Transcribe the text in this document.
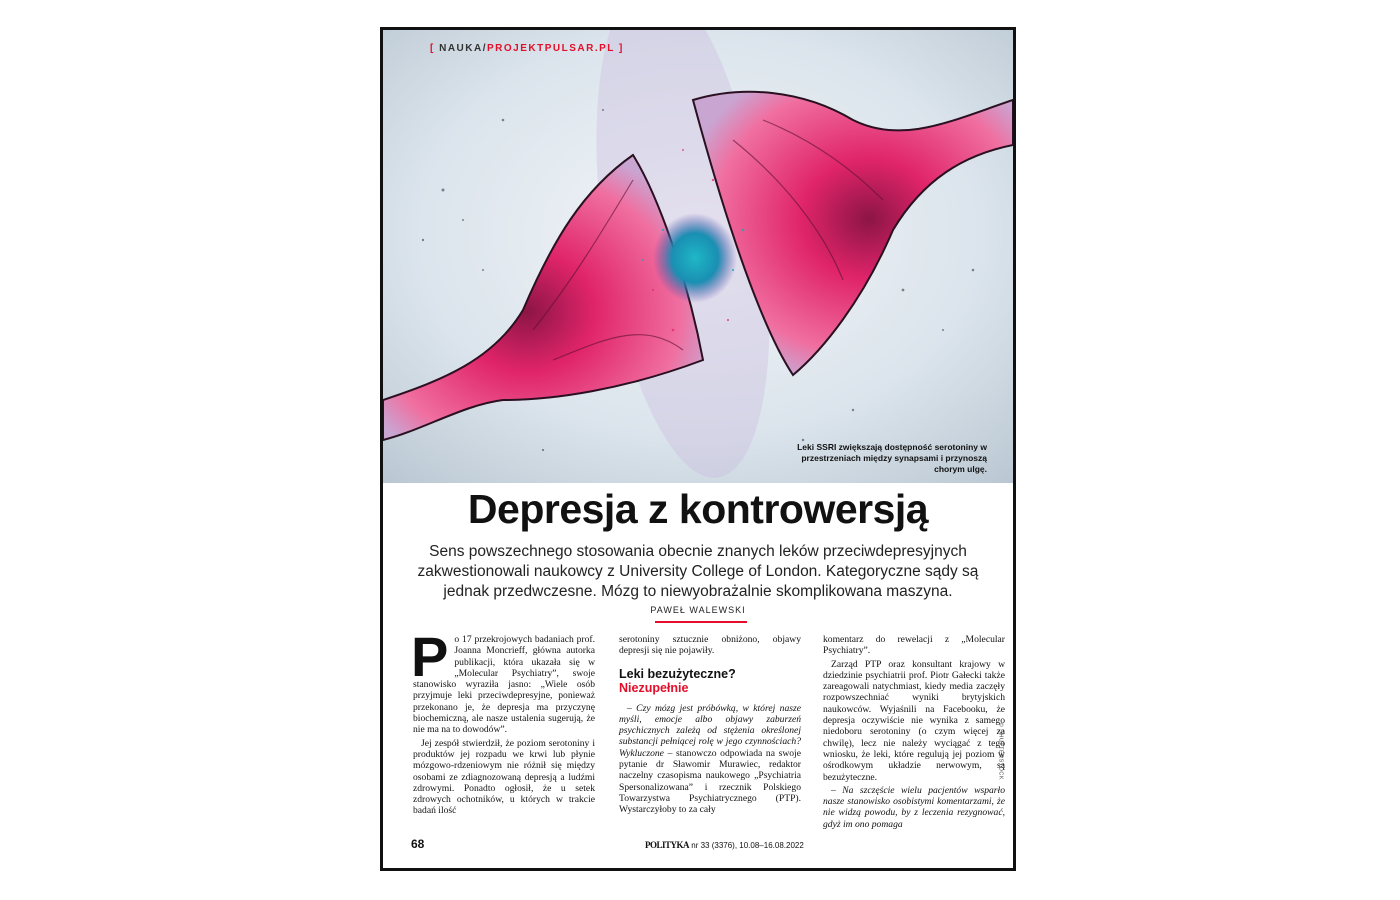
[ NAUKA/PROJEKTPULSAR.PL ]
Leki SSRI zwiększają dostępność serotoniny w przestrzeniach między synapsami i przynoszą chorym ulgę.
Depresja z kontrowersją
Sens powszechnego stosowania obecnie znanych leków przeciwdepresyjnych zakwestionowali naukowcy z University College of London. Kategoryczne sądy są jednak przedwczesne. Mózg to niewyobrażalnie skomplikowana maszyna.
PAWEŁ WALEWSKI
P o 17 przekrojowych badaniach prof. Joanna Moncrieff, główna autorka publikacji, która ukazała się w „Molecular Psychiatry”, swoje stanowisko wyraziła jasno: „Wiele osób przyjmuje leki przeciwdepresyjne, ponieważ przekonano je, że depresja ma przyczynę biochemiczną, ale nasze ustalenia sugerują, że nie ma na to dowodów”.

Jej zespół stwierdził, że poziom serotoniny i produktów jej rozpadu we krwi lub płynie mózgowo-rdzeniowym nie różnił się między osobami ze zdiagnozowaną depresją a ludźmi zdrowymi. Ponadto ogłosił, że u setek zdrowych ochotników, u których w trakcie badań ilość

serotoniny sztucznie obniżono, objawy depresji się nie pojawiły.

Leki bezużyteczne?
Niezupełnie

– Czy mózg jest próbówką, w której nasze myśli, emocje albo objawy zaburzeń psychicznych zależą od stężenia określonej substancji pełniącej rolę w jego czynnościach? Wykluczone – stanowczo odpowiada na swoje pytanie dr Sławomir Murawiec, redaktor naczelny czasopisma naukowego „Psychiatria Spersonalizowana” i rzecznik Polskiego Towarzystwa Psychiatrycznego (PTP). Wystarczyłoby to za cały

komentarz do rewelacji z „Molecular Psychiatry”.

Zarząd PTP oraz konsultant krajowy w dziedzinie psychiatrii prof. Piotr Gałecki także zareagowali natychmiast, kiedy media zaczęły rozpowszechniać wyniki brytyjskich naukowców. Wyjaśnili na Facebooku, że depresja oczywiście nie wynika z samego niedoboru serotoniny (o czym więcej za chwilę), lecz nie należy wyciągać z tego wniosku, że leki, które regulują jej poziom w ośrodkowym układzie nerwowym, są bezużyteczne.

– Na szczęście wielu pacjentów wsparło nasze stanowisko osobistymi komentarzami, że nie widzą powodu, by z leczenia rezygnować, gdyż im ono pomaga

© SHUTTERSTOCK
68	POLITYKA nr 33 (3376), 10.08–16.08.2022
